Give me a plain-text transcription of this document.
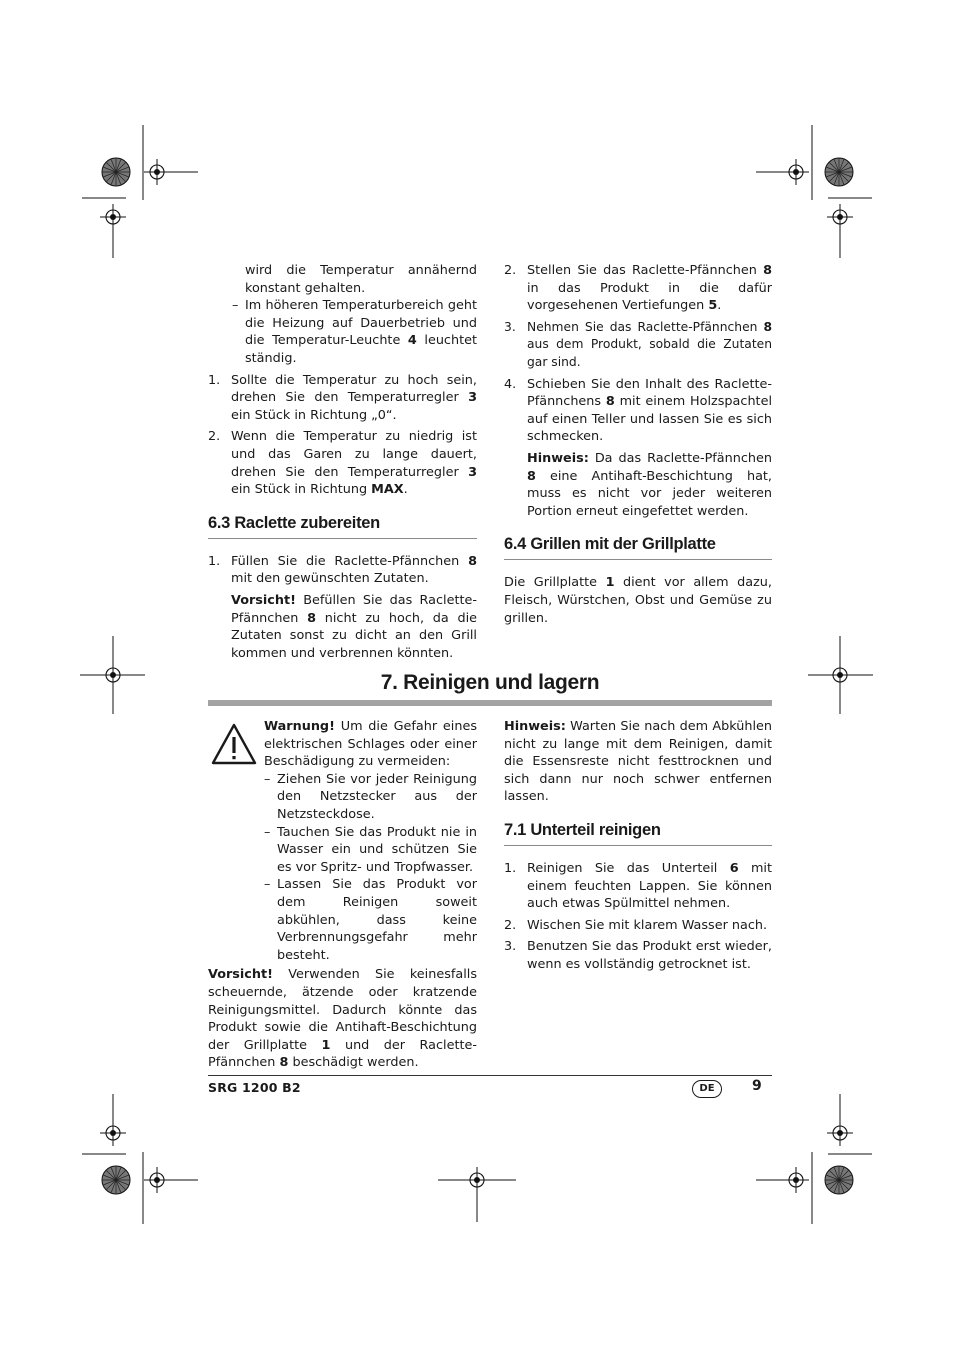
wird die Temperatur annähernd konstant gehalten.

– Im höheren Temperaturbereich geht die Heizung auf Dauerbetrieb und die Temperatur-Leuchte 4 leuchtet ständig.

1. Sollte die Temperatur zu hoch sein, drehen Sie den Temperaturregler 3 ein Stück in Richtung „0“.

2. Wenn die Temperatur zu niedrig ist und das Garen zu lange dauert, drehen Sie den Temperaturregler 3 ein Stück in Richtung MAX.

6.3 Raclette zubereiten

1. Füllen Sie die Raclette-Pfännchen 8 mit den gewünschten Zutaten.

Vorsicht! Befüllen Sie das Raclette-Pfännchen 8 nicht zu hoch, da die Zutaten sonst zu dicht an den Grill kommen und verbrennen könnten.

2. Stellen Sie das Raclette-Pfännchen 8 in das Produkt in die dafür vorgesehenen Vertiefungen 5.

3. Nehmen Sie das Raclette-Pfännchen 8 aus dem Produkt, sobald die Zutaten gar sind.

4. Schieben Sie den Inhalt des Raclette-Pfännchens 8 mit einem Holzspachtel auf einen Teller und lassen Sie es sich schmecken.

Hinweis: Da das Raclette-Pfännchen 8 eine Antihaft-Beschichtung hat, muss es nicht vor jeder weiteren Portion erneut eingefettet werden.

6.4 Grillen mit der Grillplatte

Die Grillplatte 1 dient vor allem dazu, Fleisch, Würstchen, Obst und Gemüse zu grillen.

7. Reinigen und lagern

Warnung! Um die Gefahr eines elektrischen Schlages oder einer Beschädigung zu vermeiden:

– Ziehen Sie vor jeder Reinigung den Netzstecker aus der Netzsteckdose.

– Tauchen Sie das Produkt nie in Wasser ein und schützen Sie es vor Spritz- und Tropfwasser.

– Lassen Sie das Produkt vor dem Reinigen soweit abkühlen, dass keine Verbrennungsgefahr mehr besteht.

Vorsicht! Verwenden Sie keinesfalls scheuernde, ätzende oder kratzende Reinigungsmittel. Dadurch könnte das Produkt sowie die Antihaft-Beschichtung der Grillplatte 1 und der Raclette-Pfännchen 8 beschädigt werden.

Hinweis: Warten Sie nach dem Abkühlen nicht zu lange mit dem Reinigen, damit die Essensreste nicht festtrocknen und sich dann nur noch schwer entfernen lassen.

7.1 Unterteil reinigen

1. Reinigen Sie das Unterteil 6 mit einem feuchten Lappen. Sie können auch etwas Spülmittel nehmen.

2. Wischen Sie mit klarem Wasser nach.

3. Benutzen Sie das Produkt erst wieder, wenn es vollständig getrocknet ist.

SRG 1200 B2	DE	9
